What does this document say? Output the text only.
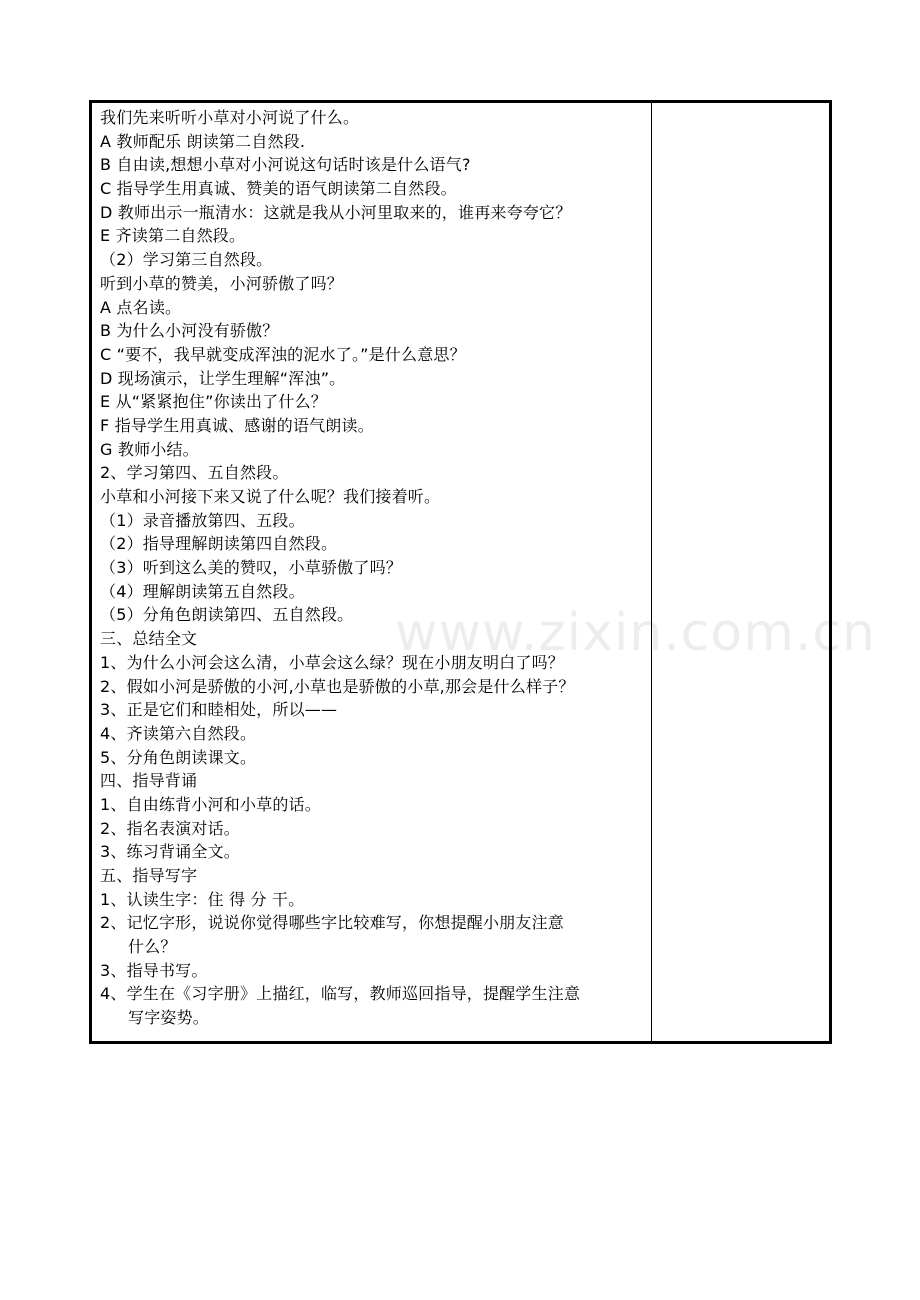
我们先来听听小草对小河说了什么。
A 教师配乐 朗读第二自然段.
B 自由读,想想小草对小河说这句话时该是什么语气?
C 指导学生用真诚、赞美的语气朗读第二自然段。
D 教师出示一瓶清水：这就是我从小河里取来的，谁再来夸夸它？
E 齐读第二自然段。
（2）学习第三自然段。
听到小草的赞美，小河骄傲了吗？
A 点名读。
B 为什么小河没有骄傲？
C “要不，我早就变成浑浊的泥水了。”是什么意思？
D 现场演示，让学生理解“浑浊”。
E 从“紧紧抱住”你读出了什么？
F 指导学生用真诚、感谢的语气朗读。
G 教师小结。
2、学习第四、五自然段。
小草和小河接下来又说了什么呢？我们接着听。
（1）录音播放第四、五段。
（2）指导理解朗读第四自然段。
（3）听到这么美的赞叹，小草骄傲了吗？
（4）理解朗读第五自然段。
（5）分角色朗读第四、五自然段。
三、总结全文
1、为什么小河会这么清，小草会这么绿？现在小朋友明白了吗？
2、假如小河是骄傲的小河,小草也是骄傲的小草,那会是什么样子？
3、正是它们和睦相处，所以——
4、齐读第六自然段。
5、分角色朗读课文。
四、指导背诵
1、自由练背小河和小草的话。
2、指名表演对话。
3、练习背诵全文。
五、指导写字
1、认读生字：住 得 分 干。
2、记忆字形，说说你觉得哪些字比较难写，你想提醒小朋友注意
什么？
3、指导书写。
4、学生在《习字册》上描红，临写，教师巡回指导，提醒学生注意
写字姿势。
www.zixin.com.cn
